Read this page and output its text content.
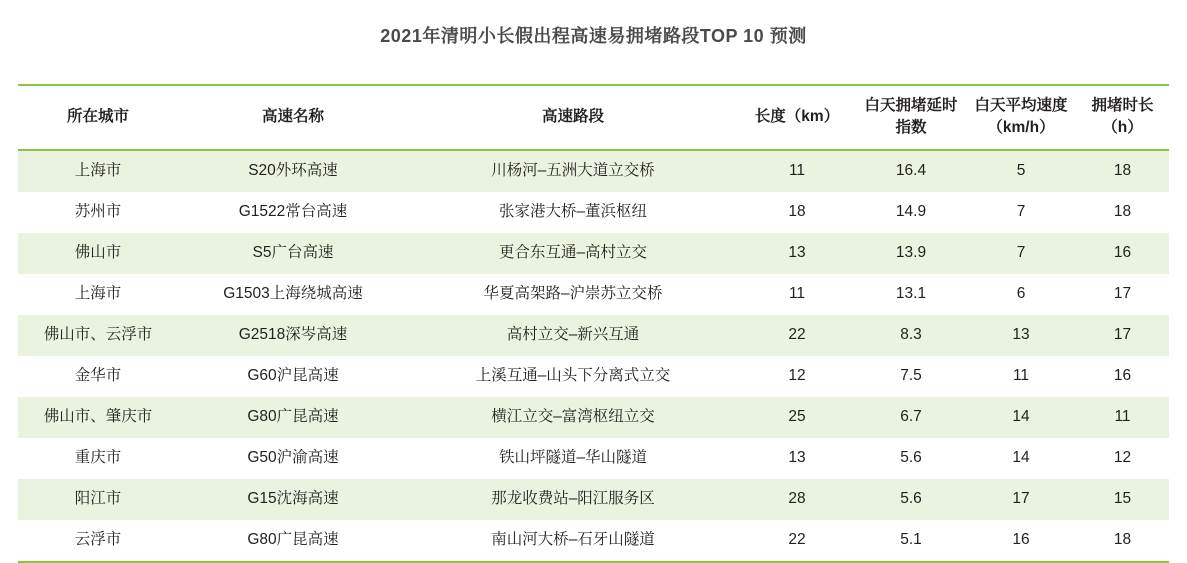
2021年清明小长假出程高速易拥堵路段TOP 10 预测
所在城市	高速名称	高速路段	长度（km）	白天拥堵延时指数	白天平均速度（km/h）	拥堵时长（h）
上海市	S20外环高速	川杨河–五洲大道立交桥	11	16.4	5	18
苏州市	G1522常台高速	张家港大桥–董浜枢纽	18	14.9	7	18
佛山市	S5广台高速	更合东互通–高村立交	13	13.9	7	16
上海市	G1503上海绕城高速	华夏高架路–沪崇苏立交桥	11	13.1	6	17
佛山市、云浮市	G2518深岑高速	高村立交–新兴互通	22	8.3	13	17
金华市	G60沪昆高速	上溪互通–山头下分离式立交	12	7.5	11	16
佛山市、肇庆市	G80广昆高速	横江立交–富湾枢纽立交	25	6.7	14	11
重庆市	G50沪渝高速	铁山坪隧道–华山隧道	13	5.6	14	12
阳江市	G15沈海高速	那龙收费站–阳江服务区	28	5.6	17	15
云浮市	G80广昆高速	南山河大桥–石牙山隧道	22	5.1	16	18
